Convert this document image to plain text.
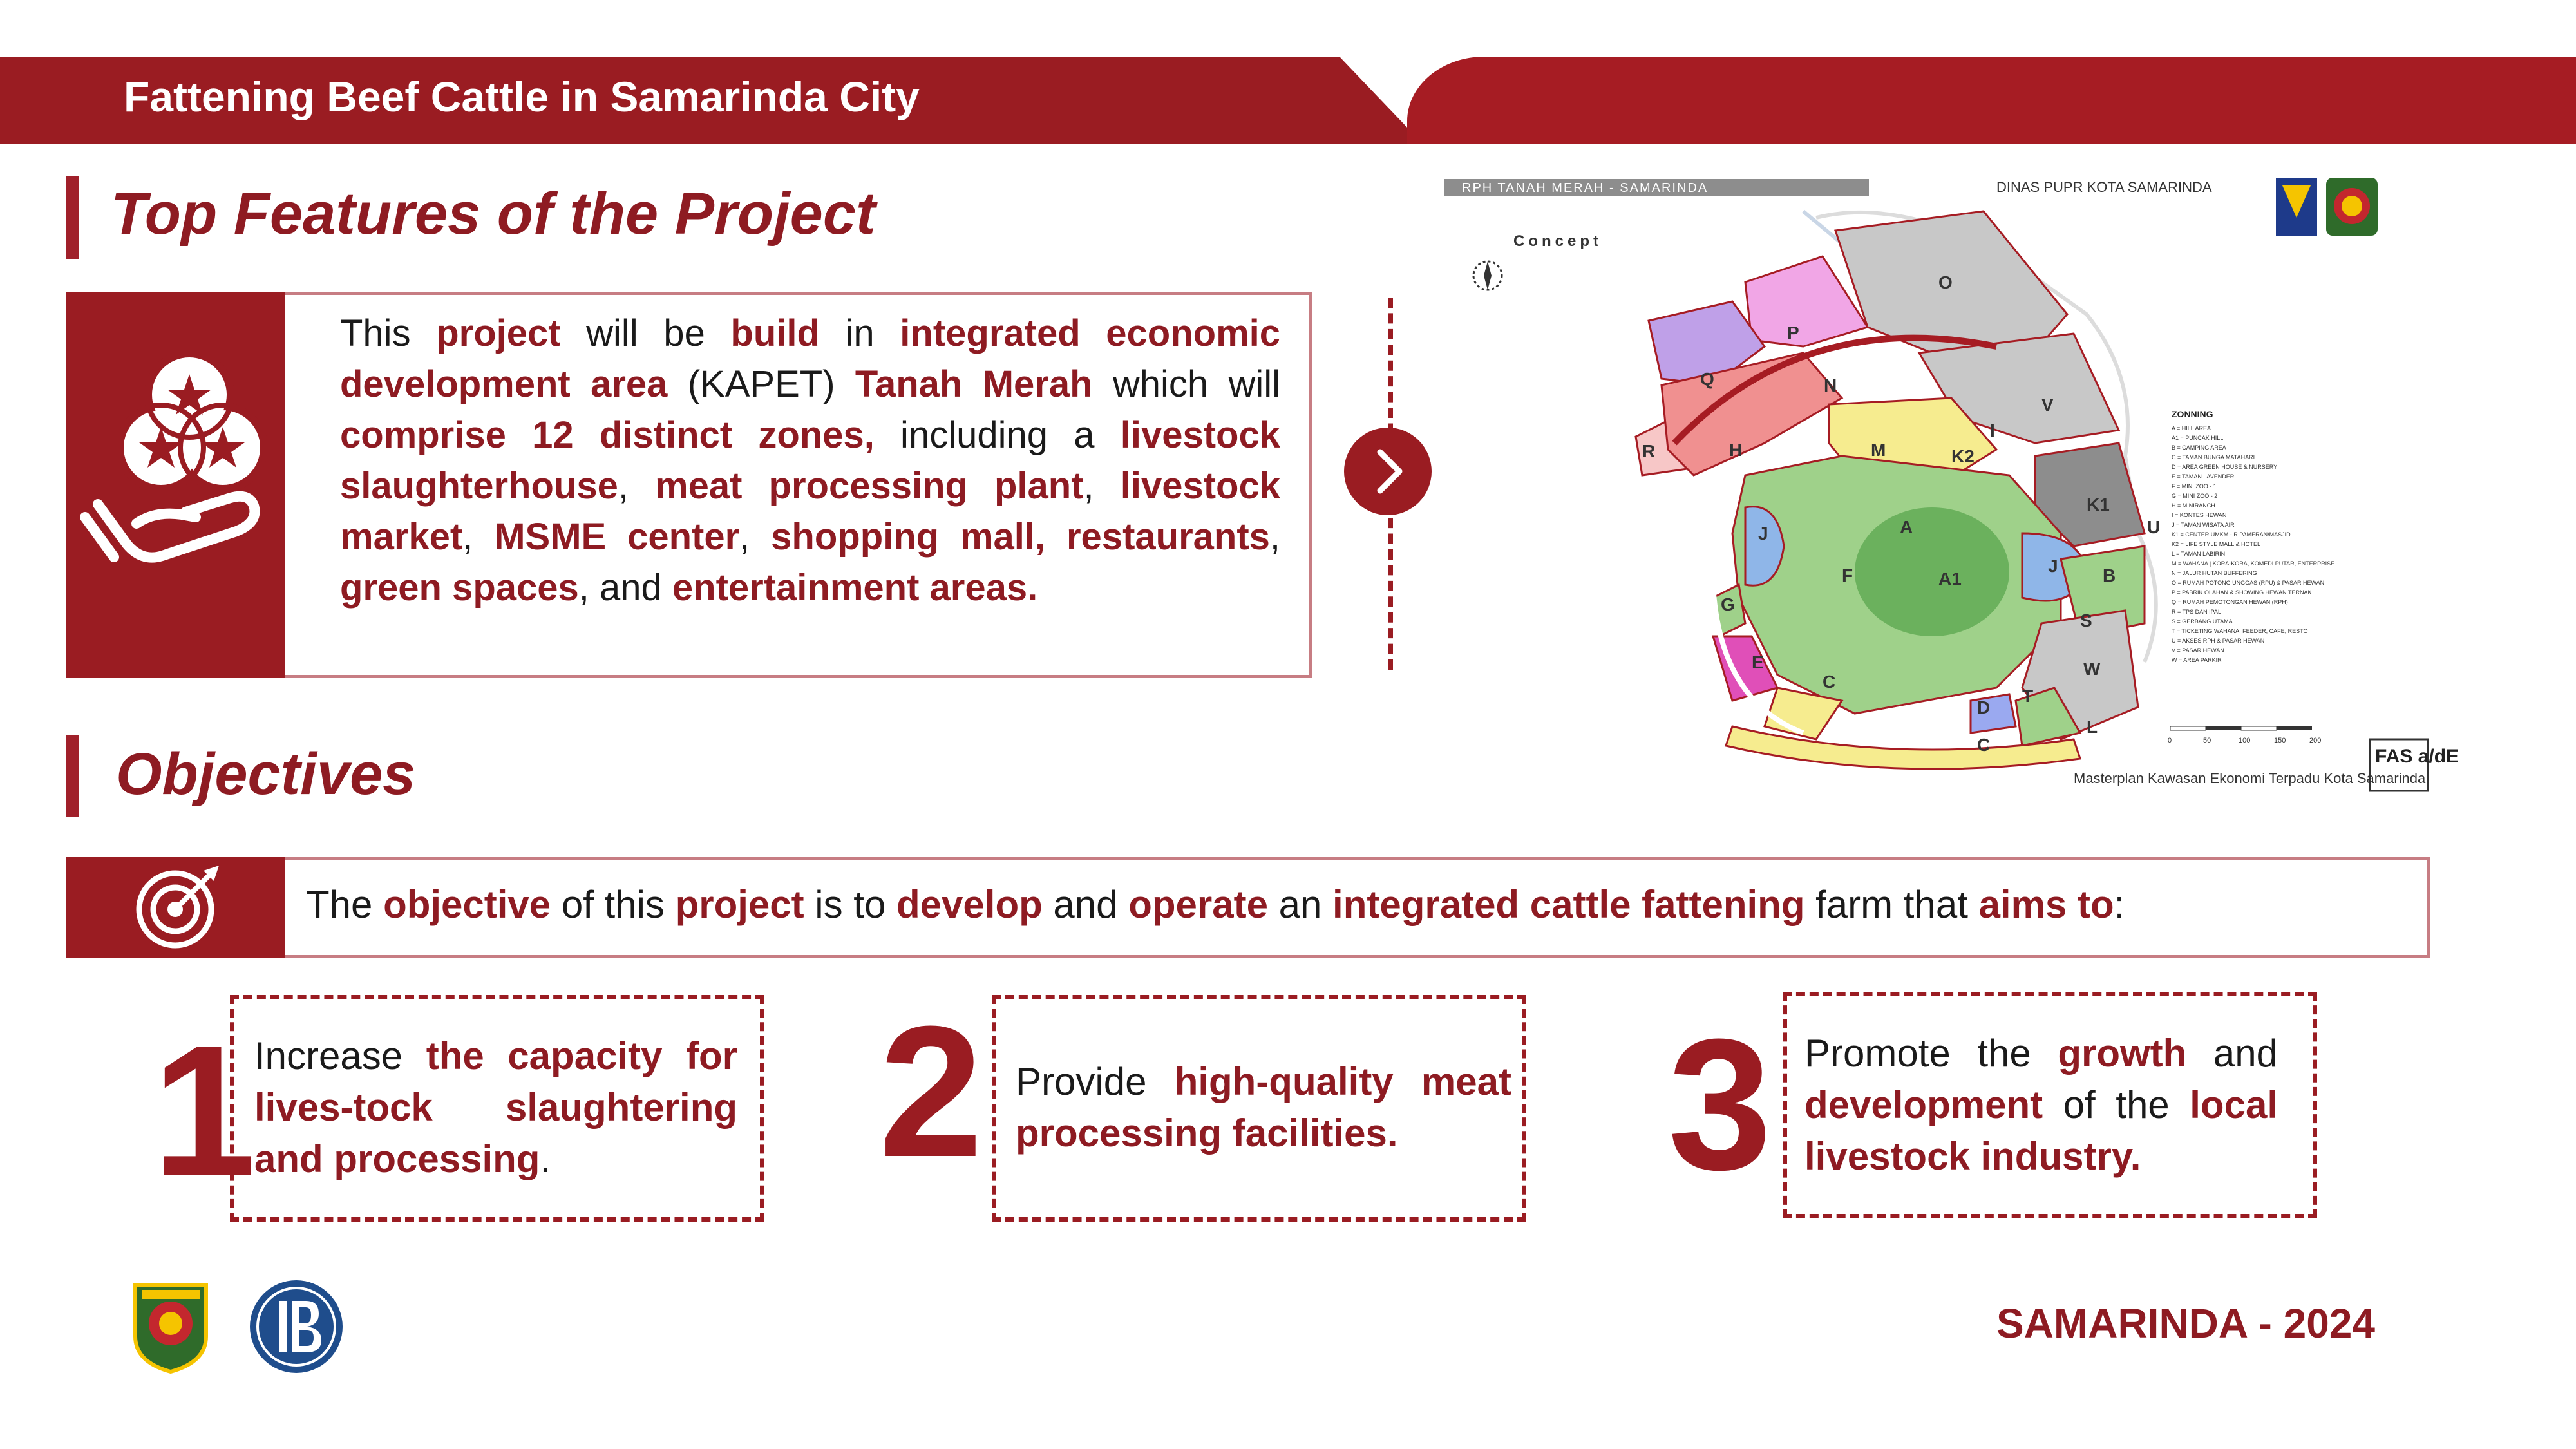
Fattening Beef Cattle in Samarinda City
Top Features of the Project
This project will be build in integrated economic development area (KAPET) Tanah Merah which will comprise 12 distinct zones, including a livestock slaughterhouse, meat processing plant, livestock market, MSME center, shopping mall, restaurants, green spaces, and entertainment areas.
RPH TANAH MERAH - SAMARINDA	DINAS PUPR KOTA SAMARINDA
Concept
O
P
Q	N
V
R	H	M	K2
I
K1
J	A
F	A1
J B
U
G
S
E
C
W
D
T
L
C
ZONNING
A = HILL AREA
A1 = PUNCAK HILL
B = CAMPING AREA
C = TAMAN BUNGA MATAHARI
D = AREA GREEN HOUSE & NURSERY
E = TAMAN LAVENDER
F = MINI ZOO - 1
G = MINI ZOO - 2
H = MINIRANCH
I = KONTES HEWAN
J = TAMAN WISATA AIR
K1 = CENTER UMKM - R.PAMERAN/MASJID
K2 = LIFE STYLE MALL & HOTEL
L = TAMAN LABIRIN
M = WAHANA | KORA-KORA, KOMEDI PUTAR, ENTERPRISE
N = JALUR HUTAN BUFFERING
O = RUMAH POTONG UNGGAS (RPU) & PASAR HEWAN
P = PABRIK OLAHAN & SHOWING HEWAN TERNAK
Q = RUMAH PEMOTONGAN HEWAN (RPH)
R = TPS DAN IPAL
S = GERBANG UTAMA
T = TICKETING WAHANA, FEEDER, CAFE, RESTO
U = AKSES RPH & PASAR HEWAN
V = PASAR HEWAN
W = AREA PARKIR
0	50	100	150	200
FAS a/dE
Masterplan Kawasan Ekonomi Terpadu Kota Samarinda
Objectives
The objective of this project is to develop and operate an integrated cattle fattening farm that aims to:
1
Increase the capacity for lives-tock slaughtering and processing.	2 Provide high-quality meat processing facilities.	3 Promote the growth and development of the local livestock industry.
SAMARINDA - 2024
